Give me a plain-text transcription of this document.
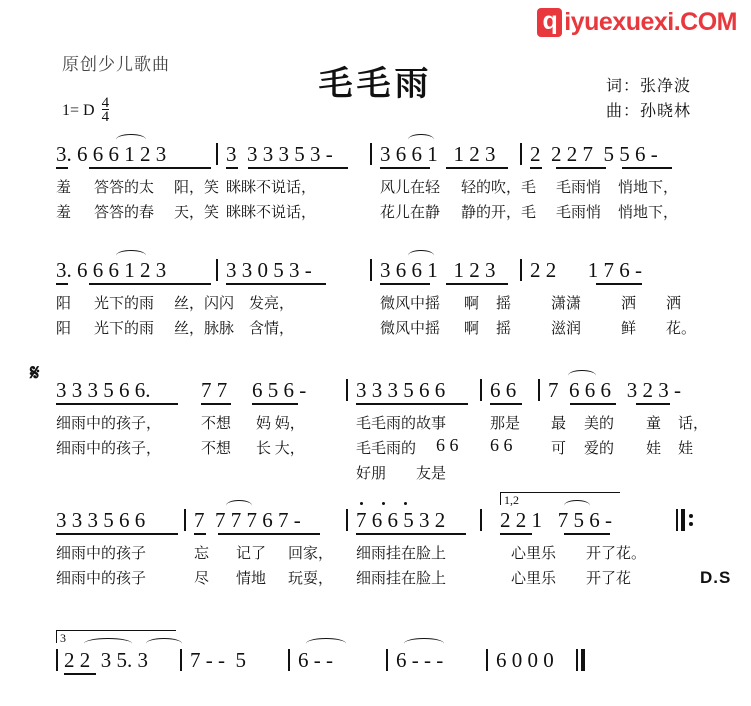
q iyuexuexi.COM
原创少儿歌曲
毛毛雨	词：张净波
曲：孙晓林
1= D $\frac{4}{4}$
3. 6 6 6 1 2 3	3  3 3 3 5 3 - 3 6 6 1   1 2 3 2  2 2 7  5 5 6 -
羞 答答的太 阳，笑 眯眯不说话，	风儿在轻 轻的吹，毛 毛雨悄 悄地下，
羞 答答的春 天，笑 眯眯不说话，	花儿在静 静的开，毛 毛雨悄 悄地下，
3. 6 6 6 1 2 3	3 3 0 5 3 -	3 6 6 1   1 2 3 2 2      1 7 6 -
阳 光下的雨 丝，闪闪 发亮，	微风中摇 啊 摇	潇潇	洒 洒
阳 光下的雨 丝，脉脉 含情，	微风中摇 啊 摇	滋润	鲜 花。
𝄋
3 3 3 5 6 6. 7 7 6 5 6 - 3 3 3 5 6 6 6 6 7  6 6 6   3 2 3 -
细雨中的孩子，	不想 妈 妈，	毛毛雨的故事	那是 最 美的 童 话，
细雨中的孩子，	不想 长 大，	毛毛雨的 6 6 6 6	可 爱的 娃 娃
好朋 友是
1,2
3 3 3 5 6 6 7  7 7 7 6 7 -	7 6 6 5 3 2	2 2 1   7 5 6 -
细雨中的孩子	忘 记了 回家， 细雨挂在脸上	心里乐 开了花。
细雨中的孩子	尽 情地 玩耍， 细雨挂在脸上	心里乐 开了花	D.S
3
2 2  3 5. 3 7 - -  5 6 - -	6 - - -	6 0 0 0
